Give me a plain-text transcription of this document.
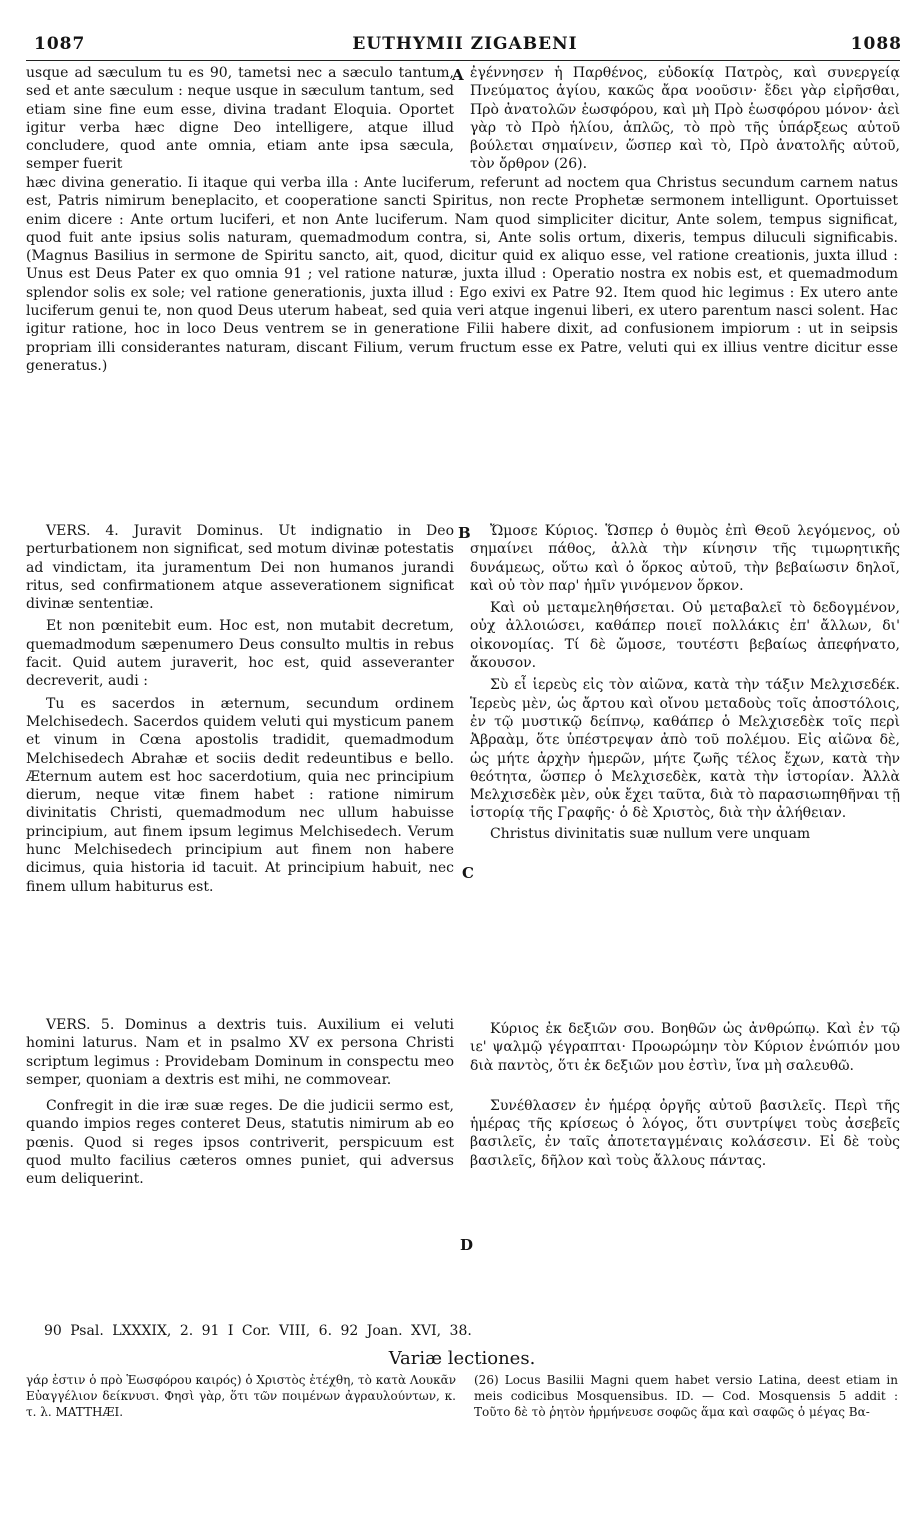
1087	EUTHYMII ZIGABENI	1088

usque ad sæculum tu es 90, tametsi nec a sæculo tantum, sed et ante sæculum : neque usque in sæculum tantum, sed etiam sine fine eum esse, divina tradant Eloquia. Oportet igitur verba hæc digne Deo intelligere, atque illud concludere, quod ante omnia, etiam ante ipsa sæcula, semper fuerit

A ἐγέννησεν ἡ Παρθένος, εὐδοκίᾳ Πατρὸς, καὶ συνεργείᾳ Πνεύματος ἁγίου, κακῶς ἄρα νοοῦσιν· ἔδει γὰρ εἰρῆσθαι, Πρὸ ἀνατολῶν ἑωσφόρου, καὶ μὴ Πρὸ ἑωσφόρου μόνον· ἀεὶ γὰρ τὸ Πρὸ ἡλίου, ἁπλῶς, τὸ πρὸ τῆς ὑπάρξεως αὐτοῦ βούλεται σημαίνειν, ὥσπερ καὶ τὸ, Πρὸ ἀνατολῆς αὐτοῦ, τὸν ὄρθρον (26).

hæc divina generatio. Ii itaque qui verba illa : Ante luciferum, referunt ad noctem qua Christus secundum carnem natus est, Patris nimirum beneplacito, et cooperatione sancti Spiritus, non recte Prophetæ sermonem intelligunt. Oportuisset enim dicere : Ante ortum luciferi, et non Ante luciferum. Nam quod simpliciter dicitur, Ante solem, tempus significat, quod fuit ante ipsius solis naturam, quemadmodum contra, si, Ante solis ortum, dixeris, tempus diluculi significabis. (Magnus Basilius in sermone de Spiritu sancto, ait, quod, dicitur quid ex aliquo esse, vel ratione creationis, juxta illud : Unus est Deus Pater ex quo omnia 91 ; vel ratione naturæ, juxta illud : Operatio nostra ex nobis est, et quemadmodum splendor solis ex sole; vel ratione generationis, juxta illud : Ego exivi ex Patre 92. Item quod hic legimus : Ex utero ante luciferum genui te, non quod Deus uterum habeat, sed quia veri atque ingenui liberi, ex utero parentum nasci solent. Hac igitur ratione, hoc in loco Deus ventrem se in generatione Filii habere dixit, ad confusionem impiorum : ut in seipsis propriam illi considerantes naturam, discant Filium, verum fructum esse ex Patre, veluti qui ex illius ventre dicitur esse generatus.)

B

VERS. 4. Juravit Dominus. Ut indignatio in Deo perturbationem non significat, sed motum divinæ potestatis ad vindictam, ita juramentum Dei non humanos jurandi ritus, sed confirmationem atque asseverationem significat divinæ sententiæ.

Et non pœnitebit eum. Hoc est, non mutabit decretum, quemadmodum sæpenumero Deus consulto multis in rebus facit. Quid autem juraverit, hoc est, quid asseveranter decreverit, audi :

Tu es sacerdos in æternum, secundum ordinem Melchisedech. Sacerdos quidem veluti qui mysticum panem et vinum in Cœna apostolis tradidit, quemadmodum Melchisedech Abrahæ et sociis dedit redeuntibus e bello. Æternum autem est hoc sacerdotium, quia nec principium dierum, neque vitæ finem habet : ratione nimirum divinitatis Christi, quemadmodum nec ullum habuisse principium, aut finem ipsum legimus Melchisedech. Verum hunc Melchisedech principium aut finem non habere dicimus, quia historia id tacuit. At principium habuit, nec finem ullum habiturus est.

C

Ὤμοσε Κύριος. Ὥσπερ ὁ θυμὸς ἐπὶ Θεοῦ λεγόμενος, οὐ σημαίνει πάθος, ἀλλὰ τὴν κίνησιν τῆς τιμωρητικῆς δυνάμεως, οὕτω καὶ ὁ ὅρκος αὐτοῦ, τὴν βεβαίωσιν δηλοῖ, καὶ οὐ τὸν παρ' ἡμῖν γινόμενον ὅρκον.

Καὶ οὐ μεταμεληθήσεται. Οὐ μεταβαλεῖ τὸ δεδογμένον, οὐχ ἀλλοιώσει, καθάπερ ποιεῖ πολλάκις ἐπ' ἄλλων, δι' οἰκονομίας. Τί δὲ ὤμοσε, τουτέστι βεβαίως ἀπεφήνατο, ἄκουσον.

Σὺ εἶ ἱερεὺς εἰς τὸν αἰῶνα, κατὰ τὴν τάξιν Μελχισεδέκ. Ἱερεὺς μὲν, ὡς ἄρτου καὶ οἴνου μεταδοὺς τοῖς ἀποστόλοις, ἐν τῷ μυστικῷ δείπνῳ, καθάπερ ὁ Μελχισεδὲκ τοῖς περὶ Ἀβραὰμ, ὅτε ὑπέστρεψαν ἀπὸ τοῦ πολέμου. Εἰς αἰῶνα δὲ, ὡς μήτε ἀρχὴν ἡμερῶν, μήτε ζωῆς τέλος ἔχων, κατὰ τὴν θεότητα, ὥσπερ ὁ Μελχισεδὲκ, κατὰ τὴν ἱστορίαν. Ἀλλὰ Μελχισεδὲκ μὲν, οὐκ ἔχει ταῦτα, διὰ τὸ παρασιωπηθῆναι τῇ ἱστορίᾳ τῆς Γραφῆς· ὁ δὲ Χριστὸς, διὰ τὴν ἀλήθειαν.

Christus divinitatis suæ nullum vere unquam

VERS. 5. Dominus a dextris tuis. Auxilium ei veluti homini laturus. Nam et in psalmo XV ex persona Christi scriptum legimus : Providebam Dominum in conspectu meo semper, quoniam a dextris est mihi, ne commovear.

Confregit in die iræ suæ reges. De die judicii sermo est, quando impios reges conteret Deus, statutis nimirum ab eo pœnis. Quod si reges ipsos contriverit, perspicuum est quod multo facilius cæteros omnes puniet, qui adversus eum deliquerint.

D

Κύριος ἐκ δεξιῶν σου. Βοηθῶν ὡς ἀνθρώπῳ. Καὶ ἐν τῷ ιε' ψαλμῷ γέγραπται· Προωρώμην τὸν Κύριον ἐνώπιόν μου διὰ παντὸς, ὅτι ἐκ δεξιῶν μου ἐστὶν, ἵνα μὴ σαλευθῶ.

Συνέθλασεν ἐν ἡμέρᾳ ὀργῆς αὐτοῦ βασιλεῖς. Περὶ τῆς ἡμέρας τῆς κρίσεως ὁ λόγος, ὅτι συντρίψει τοὺς ἀσεβεῖς βασιλεῖς, ἐν ταῖς ἀποτεταγμέναις κολάσεσιν. Εἰ δὲ τοὺς βασιλεῖς, δῆλον καὶ τοὺς ἄλλους πάντας.

90 Psal. LXXXIX, 2. 91 I Cor. VIII, 6. 92 Joan. XVI, 38.
Variæ lectiones.
γάρ ἐστιν ὁ πρὸ Ἑωσφόρου καιρός) ὁ Χριστὸς ἐτέχθη, τὸ κατὰ Λουκᾶν Εὐαγγέλιον δείκνυσι. Φησὶ γὰρ, ὅτι τῶν ποιμένων ἀγραυλούντων, κ. τ. λ. MATTHÆI.
(26) Locus Basilii Magni quem habet versio Latina, deest etiam in meis codicibus Mosquensibus. ID. — Cod. Mosquensis 5 addit : Τοῦτο δὲ τὸ ῥητὸν ἡρμήνευσε σοφῶς ἅμα καὶ σαφῶς ὁ μέγας Βα-
